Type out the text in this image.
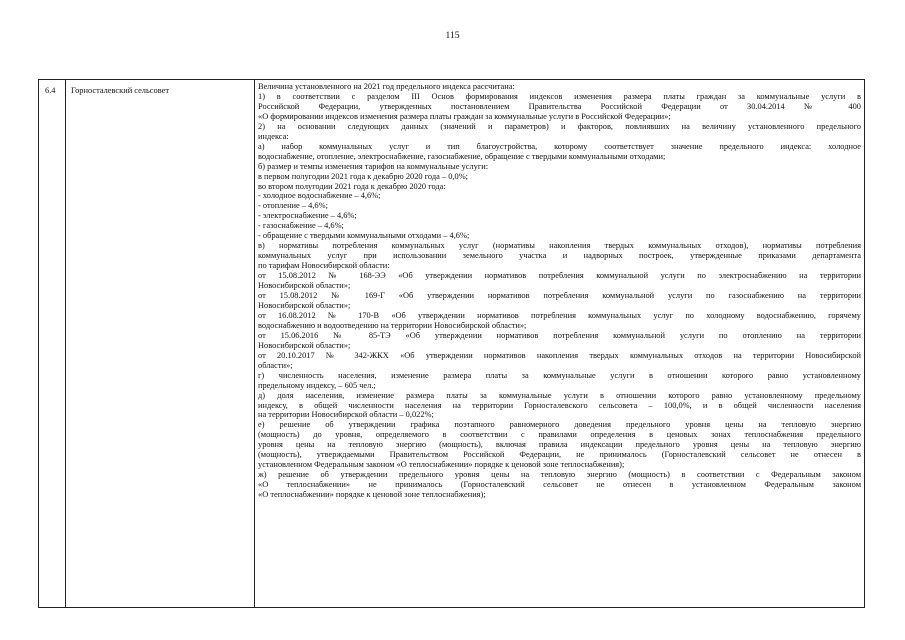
115
6.4 Горносталевский сельсовет	Величина установленного на 2021 год предельного индекса рассчитана:
1) в соответствии с разделом III Основ формирования индексов изменения размера платы граждан за коммунальные услуги в
Российской Федерации, утвержденных постановлением Правительства Российской Федерации от 30.04.2014 № 400
«О формировании индексов изменения размера платы граждан за коммунальные услуги в Российской Федерации»;
2) на основании следующих данных (значений и параметров) и факторов, повлиявших на величину установленного предельного
индекса:
а) набор коммунальных услуг и тип благоустройства, которому соответствует значение предельного индекса: холодное
водоснабжение, отопление, электроснабжение, газоснабжение, обращение с твердыми коммунальными отходами;
б) размер и темпы изменения тарифов на коммунальные услуги:
в первом полугодии 2021 года к декабрю 2020 года – 0,0%;
во втором полугодии 2021 года к декабрю 2020 года:
- холодное водоснабжение – 4,6%;
- отопление – 4,6%;
- электроснабжение – 4,6%;
- газоснабжение – 4,6%;
- обращение с твердыми коммунальными отходами – 4,6%;
в) нормативы потребления коммунальных услуг (нормативы накопления твердых коммунальных отходов), нормативы потребления
коммунальных услуг при использовании земельного участка и надворных построек, утвержденные приказами департамента
по тарифам Новосибирской области:
от 15.08.2012 № 168-ЭЭ «Об утверждении нормативов потребления коммунальной услуги по электроснабжению на территории
Новосибирской области»;
от 15.08.2012 № 169-Г «Об утверждении нормативов потребления коммунальной услуги по газоснабжению на территории
Новосибирской области»;
от 16.08.2012 № 170-В «Об утверждении нормативов потребления коммунальных услуг по холодному водоснабжению, горячему
водоснабжению и водоотведению на территории Новосибирской области»;
от 15.06.2016 № 85-ТЭ «Об утверждении нормативов потребления коммунальной услуги по отоплению на территории
Новосибирской области»;
от 20.10.2017 № 342-ЖКХ «Об утверждении нормативов накопления твердых коммунальных отходов на территории Новосибирской
области»;
г) численность населения, изменение размера платы за коммунальные услуги в отношении которого равно установленному
предельному индексу, – 605 чел.;
д) доля населения, изменение размера платы за коммунальные услуги в отношении которого равно установленному предельному
индексу, в общей численности населения на территории Горносталевского сельсовета – 100,0%, и в общей численности населения
на территории Новосибирской области – 0,022%;
е) решение об утверждении графика поэтапного равномерного доведения предельного уровня цены на тепловую энергию
(мощность) до уровня, определяемого в соответствии с правилами определения в ценовых зонах теплоснабжения предельного
уровня цены на тепловую энергию (мощность), включая правила индексации предельного уровня цены на тепловую энергию
(мощность), утверждаемыми Правительством Российской Федерации, не принималось (Горносталевский сельсовет не отнесен в
установленном Федеральным законом «О теплоснабжении» порядке к ценовой зоне теплоснабжения);
ж) решение об утверждении предельного уровня цены на тепловую энергию (мощность) в соответствии с Федеральным законом
«О теплоснабжении» не принималось (Горносталевский сельсовет не отнесен в установленном Федеральным законом
«О теплоснабжении» порядке к ценовой зоне теплоснабжения);
